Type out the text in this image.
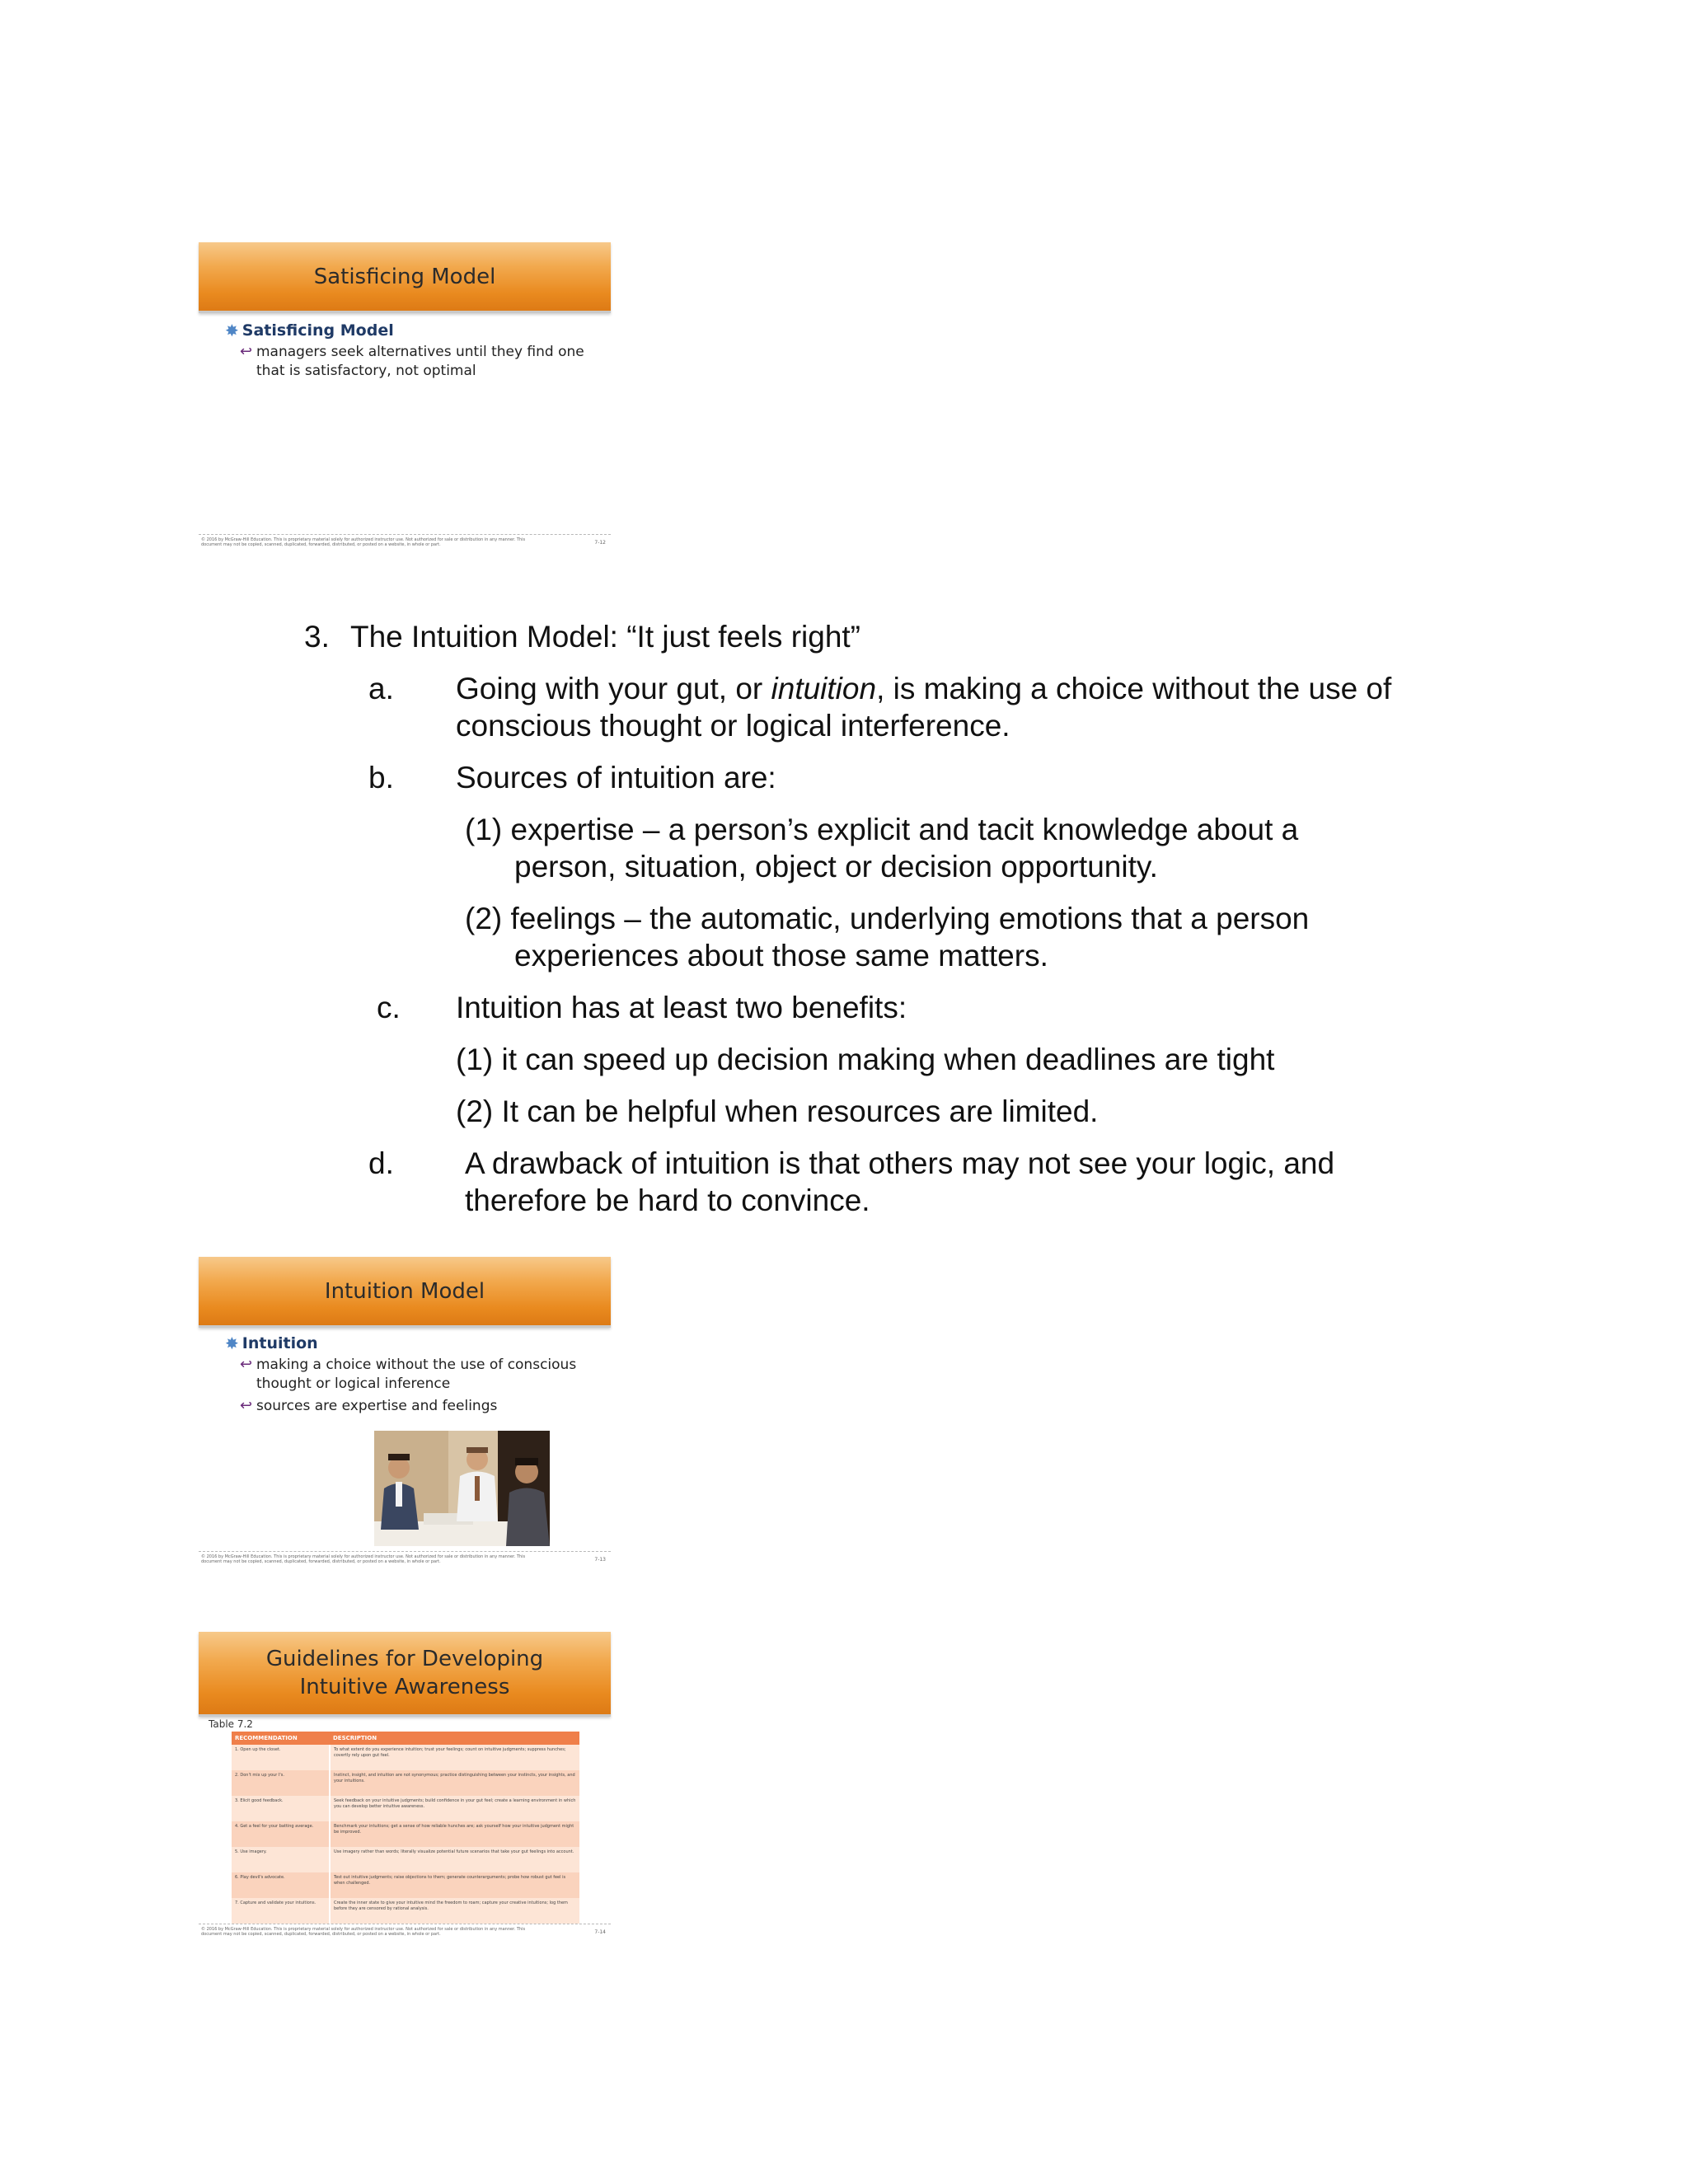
Satisficing Model
✸ Satisficing Model
↩ managers seek alternatives until they find one that is satisfactory, not optimal
© 2016 by McGraw-Hill Education. This is proprietary material solely for authorized instructor use. Not authorized for sale or distribution in any manner. This document may not be copied, scanned, duplicated, forwarded, distributed, or posted on a website, in whole or part.	7-12
3. The Intuition Model: “It just feels right”
a. Going with your gut, or intuition, is making a choice without the use of
conscious thought or logical interference.
b. Sources of intuition are:
(1) expertise – a person’s explicit and tacit knowledge about a
person, situation, object or decision opportunity.
(2) feelings – the automatic, underlying emotions that a person
experiences about those same matters.
c. Intuition has at least two benefits:
(1) it can speed up decision making when deadlines are tight
(2) It can be helpful when resources are limited.
d. A drawback of intuition is that others may not see your logic, and
therefore be hard to convince.
Intuition Model
✸ Intuition
↩ making a choice without the use of conscious thought or logical inference
↩ sources are expertise and feelings
© 2016 by McGraw-Hill Education. This is proprietary material solely for authorized instructor use. Not authorized for sale or distribution in any manner. This document may not be copied, scanned, duplicated, forwarded, distributed, or posted on a website, in whole or part.	7-13
Guidelines for Developing
Intuitive Awareness
Table 7.2
RECOMMENDATION	DESCRIPTION
1. Open up the closet.	To what extent do you experience intuition; trust your feelings; count on intuitive judgments; suppress hunches; covertly rely upon gut feel.
2. Don't mix up your I's.	Instinct, insight, and intuition are not synonymous; practice distinguishing between your instincts, your insights, and your intuitions.
3. Elicit good feedback.	Seek feedback on your intuitive judgments; build confidence in your gut feel; create a learning environment in which you can develop better intuitive awareness.
4. Get a feel for your batting average.	Benchmark your intuitions; get a sense of how reliable hunches are; ask yourself how your intuitive judgment might be improved.
5. Use imagery.	Use imagery rather than words; literally visualize potential future scenarios that take your gut feelings into account.
6. Play devil's advocate.	Test out intuitive judgments; raise objections to them; generate counterarguments; probe how robust gut feel is when challenged.
7. Capture and validate your intuitions.	Create the inner state to give your intuitive mind the freedom to roam; capture your creative intuitions; log them before they are censored by rational analysis.
© 2016 by McGraw-Hill Education. This is proprietary material solely for authorized instructor use. Not authorized for sale or distribution in any manner. This document may not be copied, scanned, duplicated, forwarded, distributed, or posted on a website, in whole or part.	7-14
